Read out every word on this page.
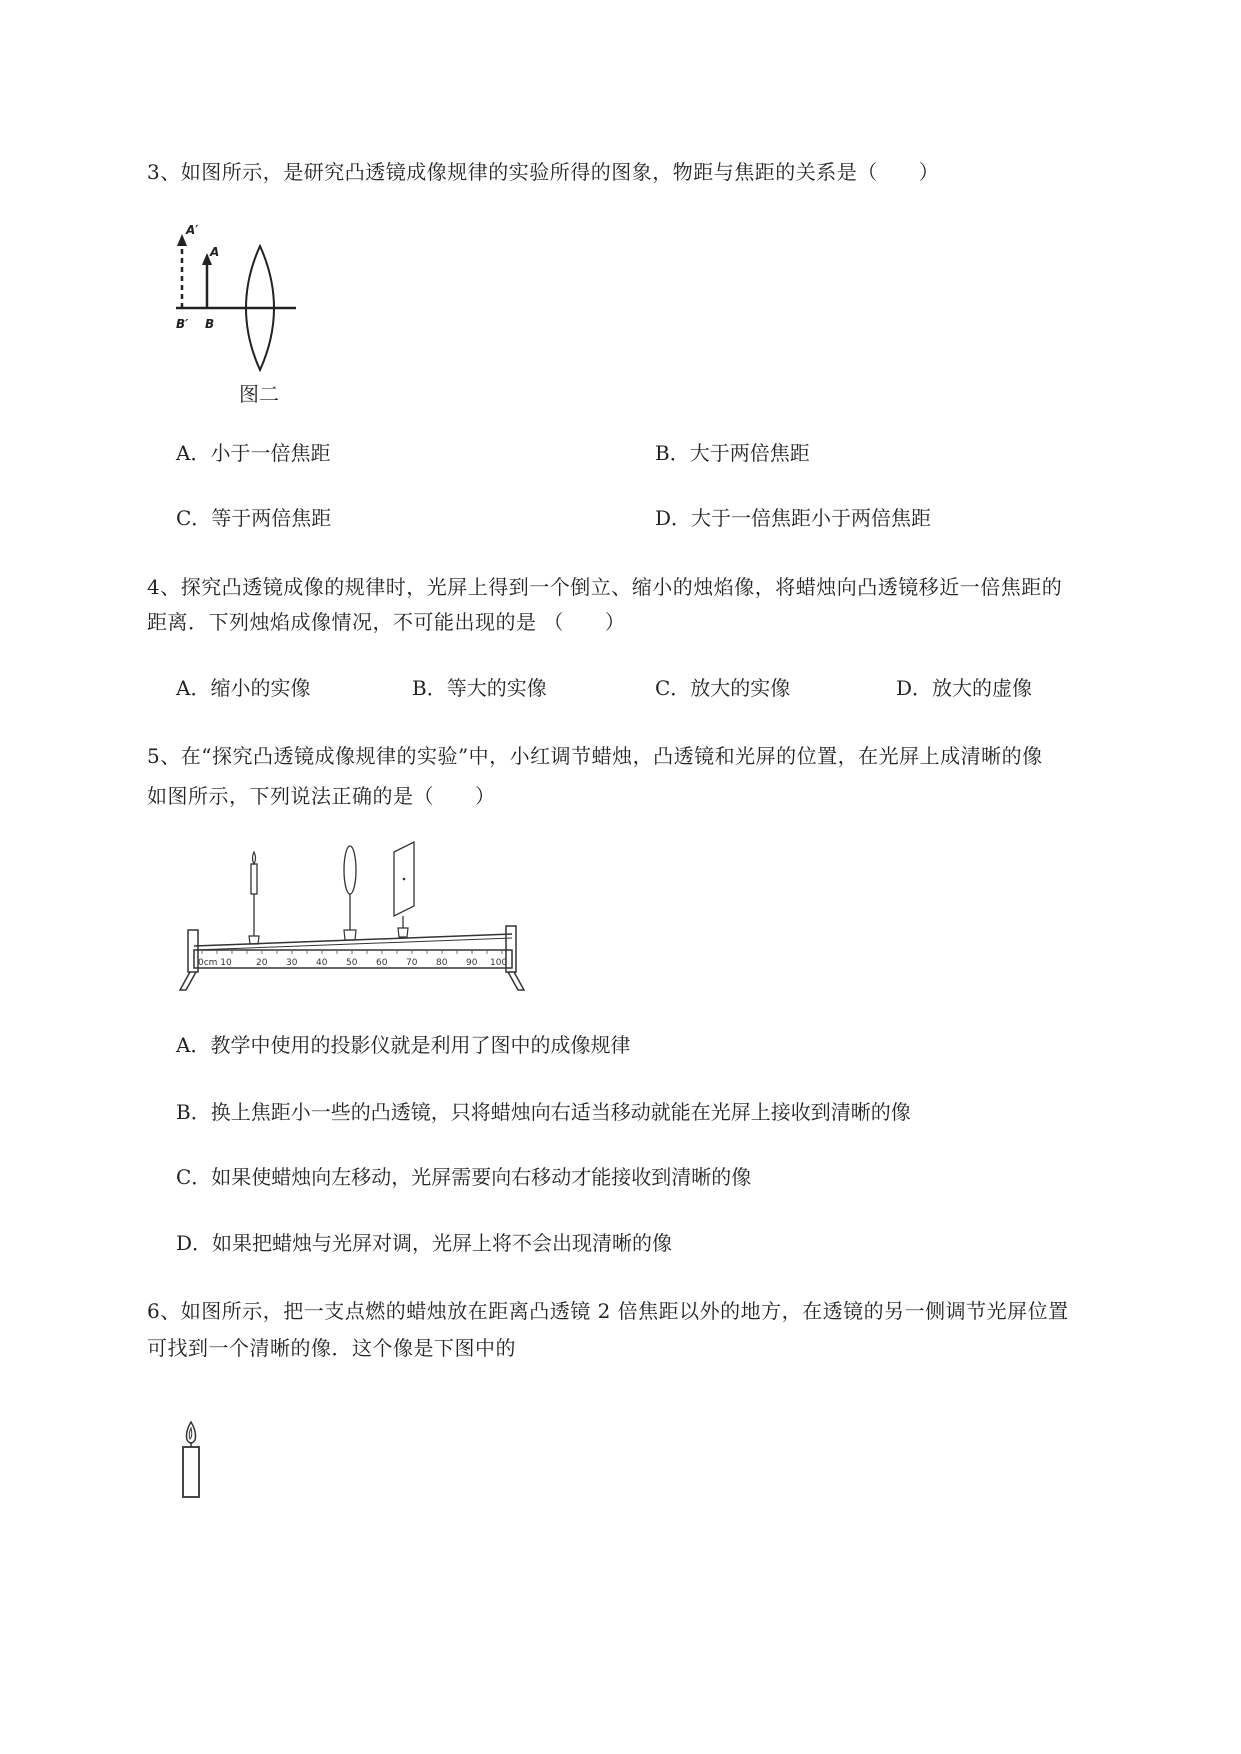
3、如图所示，是研究凸透镜成像规律的实验所得的图象，物距与焦距的关系是（　　）
A′
A
B′ B
图二
A．小于一倍焦距	B．大于两倍焦距
C．等于两倍焦距	D．大于一倍焦距小于两倍焦距
4、探究凸透镜成像的规律时，光屏上得到一个倒立、缩小的烛焰像，将蜡烛向凸透镜移近一倍焦距的
距离．下列烛焰成像情况，不可能出现的是 （　　）
A．缩小的实像	B．等大的实像	C．放大的实像	D．放大的虚像
5、在“探究凸透镜成像规律的实验”中，小红调节蜡烛，凸透镜和光屏的位置，在光屏上成清晰的像
如图所示，下列说法正确的是（　　）
0cm 10	20 30 40 50 60 70 80 90 100
A．教学中使用的投影仪就是利用了图中的成像规律
B．换上焦距小一些的凸透镜，只将蜡烛向右适当移动就能在光屏上接收到清晰的像
C．如果使蜡烛向左移动，光屏需要向右移动才能接收到清晰的像
D．如果把蜡烛与光屏对调，光屏上将不会出现清晰的像
6、如图所示，把一支点燃的蜡烛放在距离凸透镜 2 倍焦距以外的地方，在透镜的另一侧调节光屏位置
可找到一个清晰的像．这个像是下图中的
